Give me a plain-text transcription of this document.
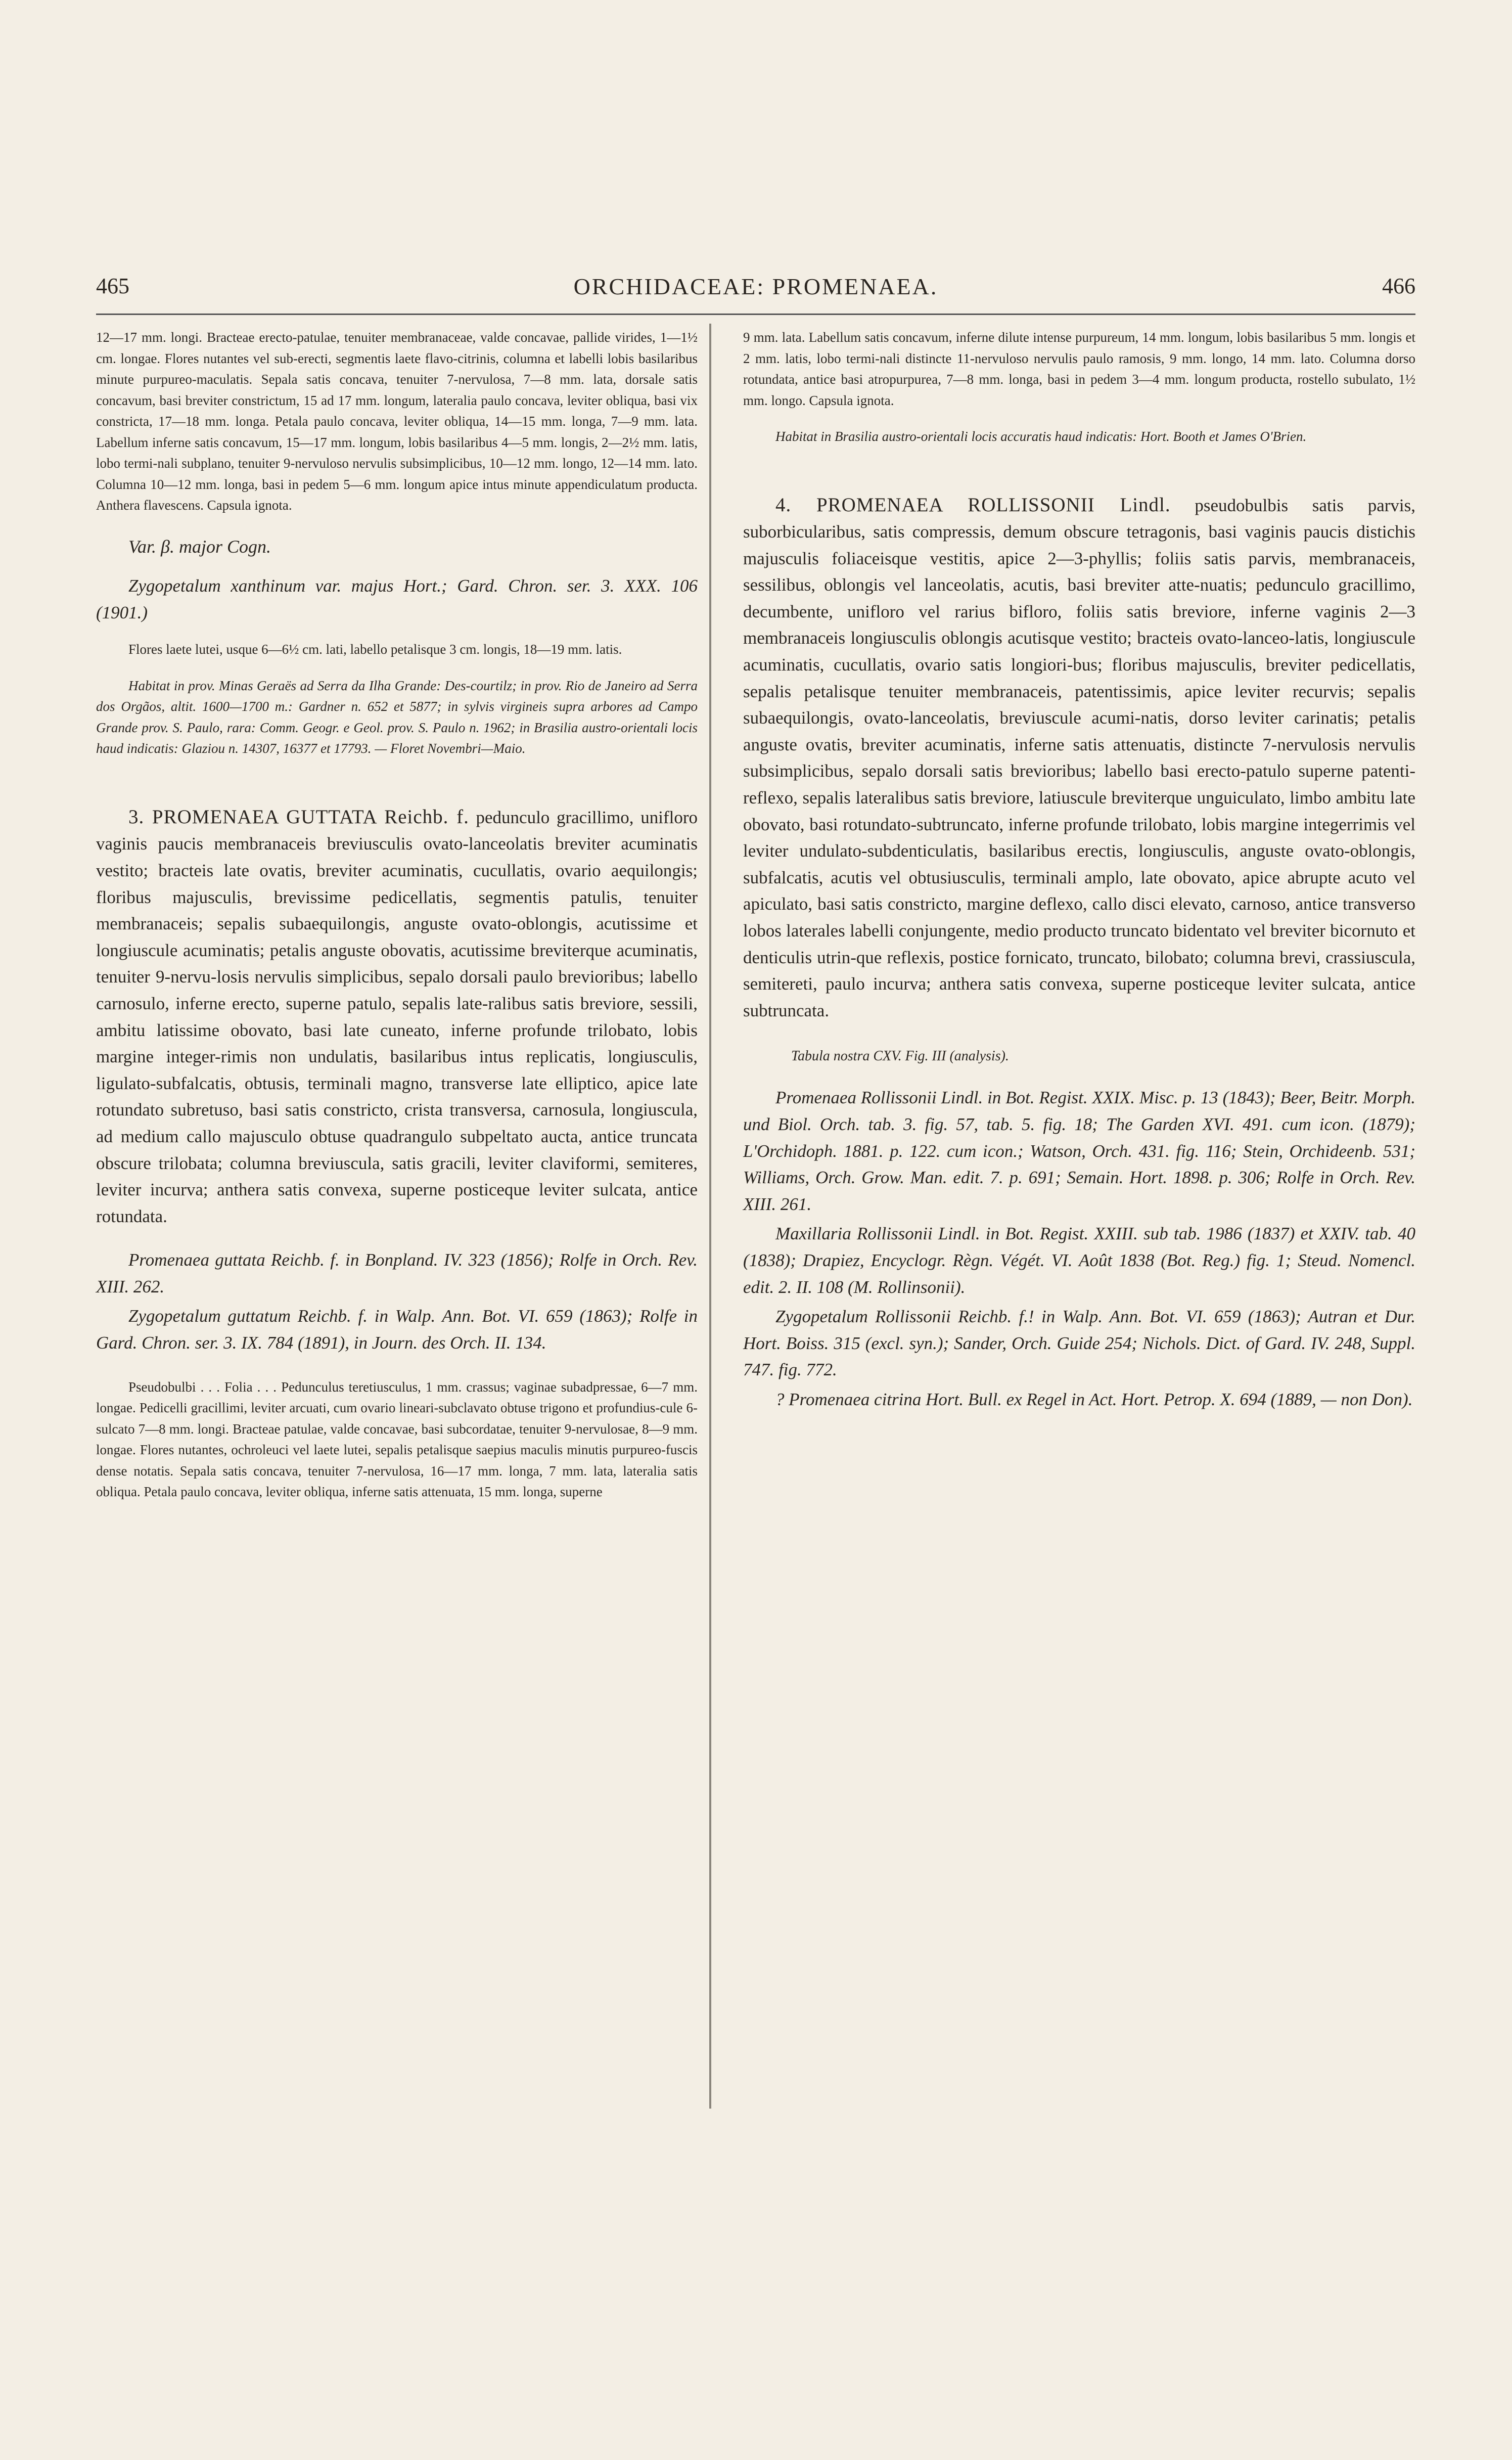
465	ORCHIDACEAE: PROMENAEA.	466

12—17 mm. longi. Bracteae erecto-patulae, tenuiter membranaceae, valde concavae, pallide virides, 1—1½ cm. longae. Flores nutantes vel sub-erecti, segmentis laete flavo-citrinis, columna et labelli lobis basilaribus minute purpureo-maculatis. Sepala satis concava, tenuiter 7-nervulosa, 7—8 mm. lata, dorsale satis concavum, basi breviter constrictum, 15 ad 17 mm. longum, lateralia paulo concava, leviter obliqua, basi vix constricta, 17—18 mm. longa. Petala paulo concava, leviter obliqua, 14—15 mm. longa, 7—9 mm. lata. Labellum inferne satis concavum, 15—17 mm. longum, lobis basilaribus 4—5 mm. longis, 2—2½ mm. latis, lobo termi-nali subplano, tenuiter 9-nervuloso nervulis subsimplicibus, 10—12 mm. longo, 12—14 mm. lato. Columna 10—12 mm. longa, basi in pedem 5—6 mm. longum apice intus minute appendiculatum producta. Anthera flavescens. Capsula ignota.

Var. β. major Cogn.

Zygopetalum xanthinum var. majus Hort.; Gard. Chron. ser. 3. XXX. 106 (1901.)

Flores laete lutei, usque 6—6½ cm. lati, labello petalisque 3 cm. longis, 18—19 mm. latis.

Habitat in prov. Minas Geraës ad Serra da Ilha Grande: Des-courtilz; in prov. Rio de Janeiro ad Serra dos Orgãos, altit. 1600—1700 m.: Gardner n. 652 et 5877; in sylvis virgineis supra arbores ad Campo Grande prov. S. Paulo, rara: Comm. Geogr. e Geol. prov. S. Paulo n. 1962; in Brasilia austro-orientali locis haud indicatis: Glaziou n. 14307, 16377 et 17793. — Floret Novembri—Maio.

3. PROMENAEA GUTTATA Reichb. f. pedunculo gracillimo, unifloro vaginis paucis membranaceis breviusculis ovato-lanceolatis breviter acuminatis vestito; bracteis late ovatis, breviter acuminatis, cucullatis, ovario aequilongis; floribus majusculis, brevissime pedicellatis, segmentis patulis, tenuiter membranaceis; sepalis subaequilongis, anguste ovato-oblongis, acutissime et longiuscule acuminatis; petalis anguste obovatis, acutissime breviterque acuminatis, tenuiter 9-nervu-losis nervulis simplicibus, sepalo dorsali paulo brevioribus; labello carnosulo, inferne erecto, superne patulo, sepalis late-ralibus satis breviore, sessili, ambitu latissime obovato, basi late cuneato, inferne profunde trilobato, lobis margine integer-rimis non undulatis, basilaribus intus replicatis, longiusculis, ligulato-subfalcatis, obtusis, terminali magno, transverse late elliptico, apice late rotundato subretuso, basi satis constricto, crista transversa, carnosula, longiuscula, ad medium callo majusculo obtuse quadrangulo subpeltato aucta, antice truncata obscure trilobata; columna breviuscula, satis gracili, leviter claviformi, semiteres, leviter incurva; anthera satis convexa, superne posticeque leviter sulcata, antice rotundata.

Promenaea guttata Reichb. f. in Bonpland. IV. 323 (1856); Rolfe in Orch. Rev. XIII. 262.

Zygopetalum guttatum Reichb. f. in Walp. Ann. Bot. VI. 659 (1863); Rolfe in Gard. Chron. ser. 3. IX. 784 (1891), in Journ. des Orch. II. 134.

Pseudobulbi . . . Folia . . . Pedunculus teretiusculus, 1 mm. crassus; vaginae subadpressae, 6—7 mm. longae. Pedicelli gracillimi, leviter arcuati, cum ovario lineari-subclavato obtuse trigono et profundius-cule 6-sulcato 7—8 mm. longi. Bracteae patulae, valde concavae, basi subcordatae, tenuiter 9-nervulosae, 8—9 mm. longae. Flores nutantes, ochroleuci vel laete lutei, sepalis petalisque saepius maculis minutis purpureo-fuscis dense notatis. Sepala satis concava, tenuiter 7-nervulosa, 16—17 mm. longa, 7 mm. lata, lateralia satis obliqua. Petala paulo concava, leviter obliqua, inferne satis attenuata, 15 mm. longa, superne

9 mm. lata. Labellum satis concavum, inferne dilute intense purpureum, 14 mm. longum, lobis basilaribus 5 mm. longis et 2 mm. latis, lobo termi-nali distincte 11-nervuloso nervulis paulo ramosis, 9 mm. longo, 14 mm. lato. Columna dorso rotundata, antice basi atropurpurea, 7—8 mm. longa, basi in pedem 3—4 mm. longum producta, rostello subulato, 1½ mm. longo. Capsula ignota.

Habitat in Brasilia austro-orientali locis accuratis haud indicatis: Hort. Booth et James O'Brien.

4. PROMENAEA ROLLISSONII Lindl. pseudobulbis satis parvis, suborbicularibus, satis compressis, demum obscure tetragonis, basi vaginis paucis distichis majusculis foliaceisque vestitis, apice 2—3-phyllis; foliis satis parvis, membranaceis, sessilibus, oblongis vel lanceolatis, acutis, basi breviter atte-nuatis; pedunculo gracillimo, decumbente, unifloro vel rarius bifloro, foliis satis breviore, inferne vaginis 2—3 membranaceis longiusculis oblongis acutisque vestito; bracteis ovato-lanceo-latis, longiuscule acuminatis, cucullatis, ovario satis longiori-bus; floribus majusculis, breviter pedicellatis, sepalis petalisque tenuiter membranaceis, patentissimis, apice leviter recurvis; sepalis subaequilongis, ovato-lanceolatis, breviuscule acumi-natis, dorso leviter carinatis; petalis anguste ovatis, breviter acuminatis, inferne satis attenuatis, distincte 7-nervulosis nervulis subsimplicibus, sepalo dorsali satis brevioribus; labello basi erecto-patulo superne patenti-reflexo, sepalis lateralibus satis breviore, latiuscule breviterque unguiculato, limbo ambitu late obovato, basi rotundato-subtruncato, inferne profunde trilobato, lobis margine integerrimis vel leviter undulato-subdenticulatis, basilaribus erectis, longiusculis, anguste ovato-oblongis, subfalcatis, acutis vel obtusiusculis, terminali amplo, late obovato, apice abrupte acuto vel apiculato, basi satis constricto, margine deflexo, callo disci elevato, carnoso, antice transverso lobos laterales labelli conjungente, medio producto truncato bidentato vel breviter bicornuto et denticulis utrin-que reflexis, postice fornicato, truncato, bilobato; columna brevi, crassiuscula, semitereti, paulo incurva; anthera satis convexa, superne posticeque leviter sulcata, antice subtruncata.

Tabula nostra CXV. Fig. III (analysis).

Promenaea Rollissonii Lindl. in Bot. Regist. XXIX. Misc. p. 13 (1843); Beer, Beitr. Morph. und Biol. Orch. tab. 3. fig. 57, tab. 5. fig. 18; The Garden XVI. 491. cum icon. (1879); L'Orchidoph. 1881. p. 122. cum icon.; Watson, Orch. 431. fig. 116; Stein, Orchideenb. 531; Williams, Orch. Grow. Man. edit. 7. p. 691; Semain. Hort. 1898. p. 306; Rolfe in Orch. Rev. XIII. 261.

Maxillaria Rollissonii Lindl. in Bot. Regist. XXIII. sub tab. 1986 (1837) et XXIV. tab. 40 (1838); Drapiez, Encyclogr. Règn. Végét. VI. Août 1838 (Bot. Reg.) fig. 1; Steud. Nomencl. edit. 2. II. 108 (M. Rollinsonii).

Zygopetalum Rollissonii Reichb. f.! in Walp. Ann. Bot. VI. 659 (1863); Autran et Dur. Hort. Boiss. 315 (excl. syn.); Sander, Orch. Guide 254; Nichols. Dict. of Gard. IV. 248, Suppl. 747. fig. 772.

? Promenaea citrina Hort. Bull. ex Regel in Act. Hort. Petrop. X. 694 (1889, — non Don).
